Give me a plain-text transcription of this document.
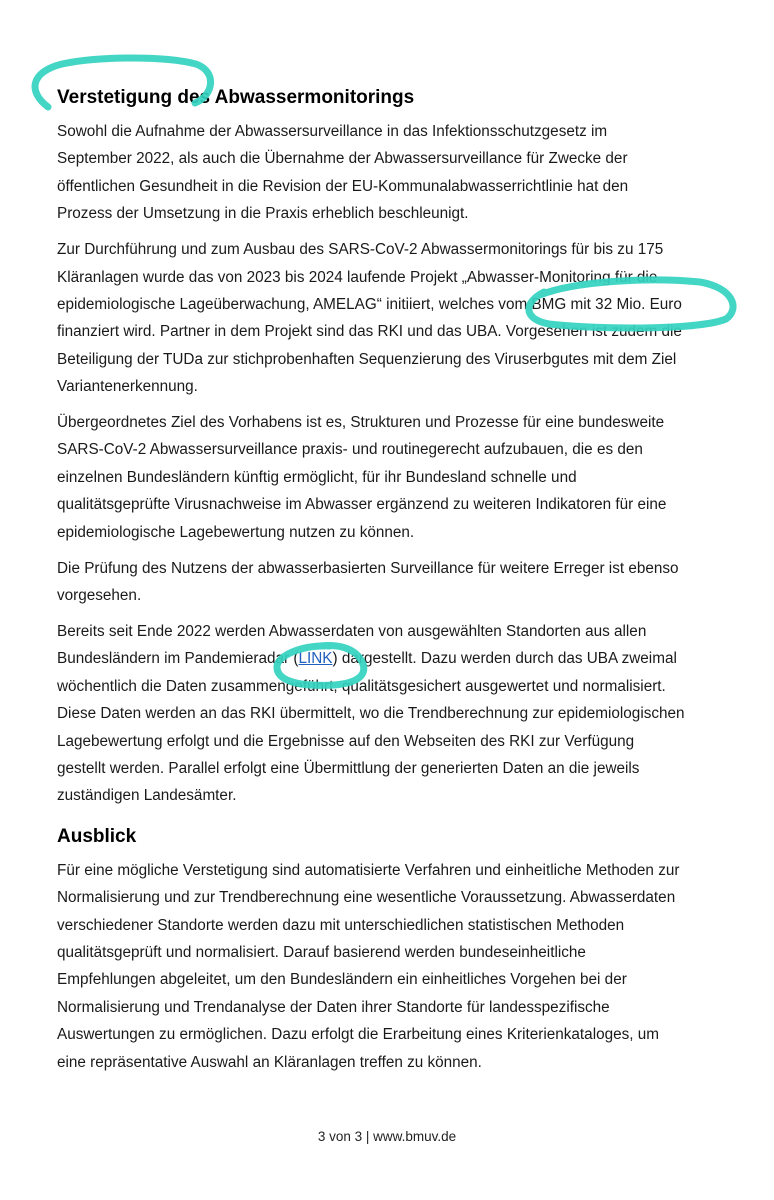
Verstetigung des Abwassermonitorings

Sowohl die Aufnahme der Abwassersurveillance in das Infektionsschutzgesetz im
September 2022, als auch die Übernahme der Abwassersurveillance für Zwecke der
öffentlichen Gesundheit in die Revision der EU-Kommunalabwasserrichtlinie hat den
Prozess der Umsetzung in die Praxis erheblich beschleunigt.

Zur Durchführung und zum Ausbau des SARS-CoV-2 Abwassermonitorings für bis zu 175
Kläranlagen wurde das von 2023 bis 2024 laufende Projekt „Abwasser-Monitoring für die
epidemiologische Lageüberwachung, AMELAG“ initiiert, welches vom BMG mit 32 Mio. Euro
finanziert wird. Partner in dem Projekt sind das RKI und das UBA. Vorgesehen ist zudem die
Beteiligung der TUDa zur stichprobenhaften Sequenzierung des Viruserbgutes mit dem Ziel
Variantenerkennung.

Übergeordnetes Ziel des Vorhabens ist es, Strukturen und Prozesse für eine bundesweite
SARS-CoV-2 Abwassersurveillance praxis- und routinegerecht aufzubauen, die es den
einzelnen Bundesländern künftig ermöglicht, für ihr Bundesland schnelle und
qualitätsgeprüfte Virusnachweise im Abwasser ergänzend zu weiteren Indikatoren für eine
epidemiologische Lagebewertung nutzen zu können.

Die Prüfung des Nutzens der abwasserbasierten Surveillance für weitere Erreger ist ebenso
vorgesehen.

Bereits seit Ende 2022 werden Abwasserdaten von ausgewählten Standorten aus allen
Bundesländern im Pandemieradar (LINK) dargestellt. Dazu werden durch das UBA zweimal
wöchentlich die Daten zusammengeführt, qualitätsgesichert ausgewertet und normalisiert.
Diese Daten werden an das RKI übermittelt, wo die Trendberechnung zur epidemiologischen
Lagebewertung erfolgt und die Ergebnisse auf den Webseiten des RKI zur Verfügung
gestellt werden. Parallel erfolgt eine Übermittlung der generierten Daten an die jeweils
zuständigen Landesämter.

Ausblick

Für eine mögliche Verstetigung sind automatisierte Verfahren und einheitliche Methoden zur
Normalisierung und zur Trendberechnung eine wesentliche Voraussetzung. Abwasserdaten
verschiedener Standorte werden dazu mit unterschiedlichen statistischen Methoden
qualitätsgeprüft und normalisiert. Darauf basierend werden bundeseinheitliche
Empfehlungen abgeleitet, um den Bundesländern ein einheitliches Vorgehen bei der
Normalisierung und Trendanalyse der Daten ihrer Standorte für landesspezifische
Auswertungen zu ermöglichen. Dazu erfolgt die Erarbeitung eines Kriterienkataloges, um
eine repräsentative Auswahl an Kläranlagen treffen zu können.

3 von 3 | www.bmuv.de
